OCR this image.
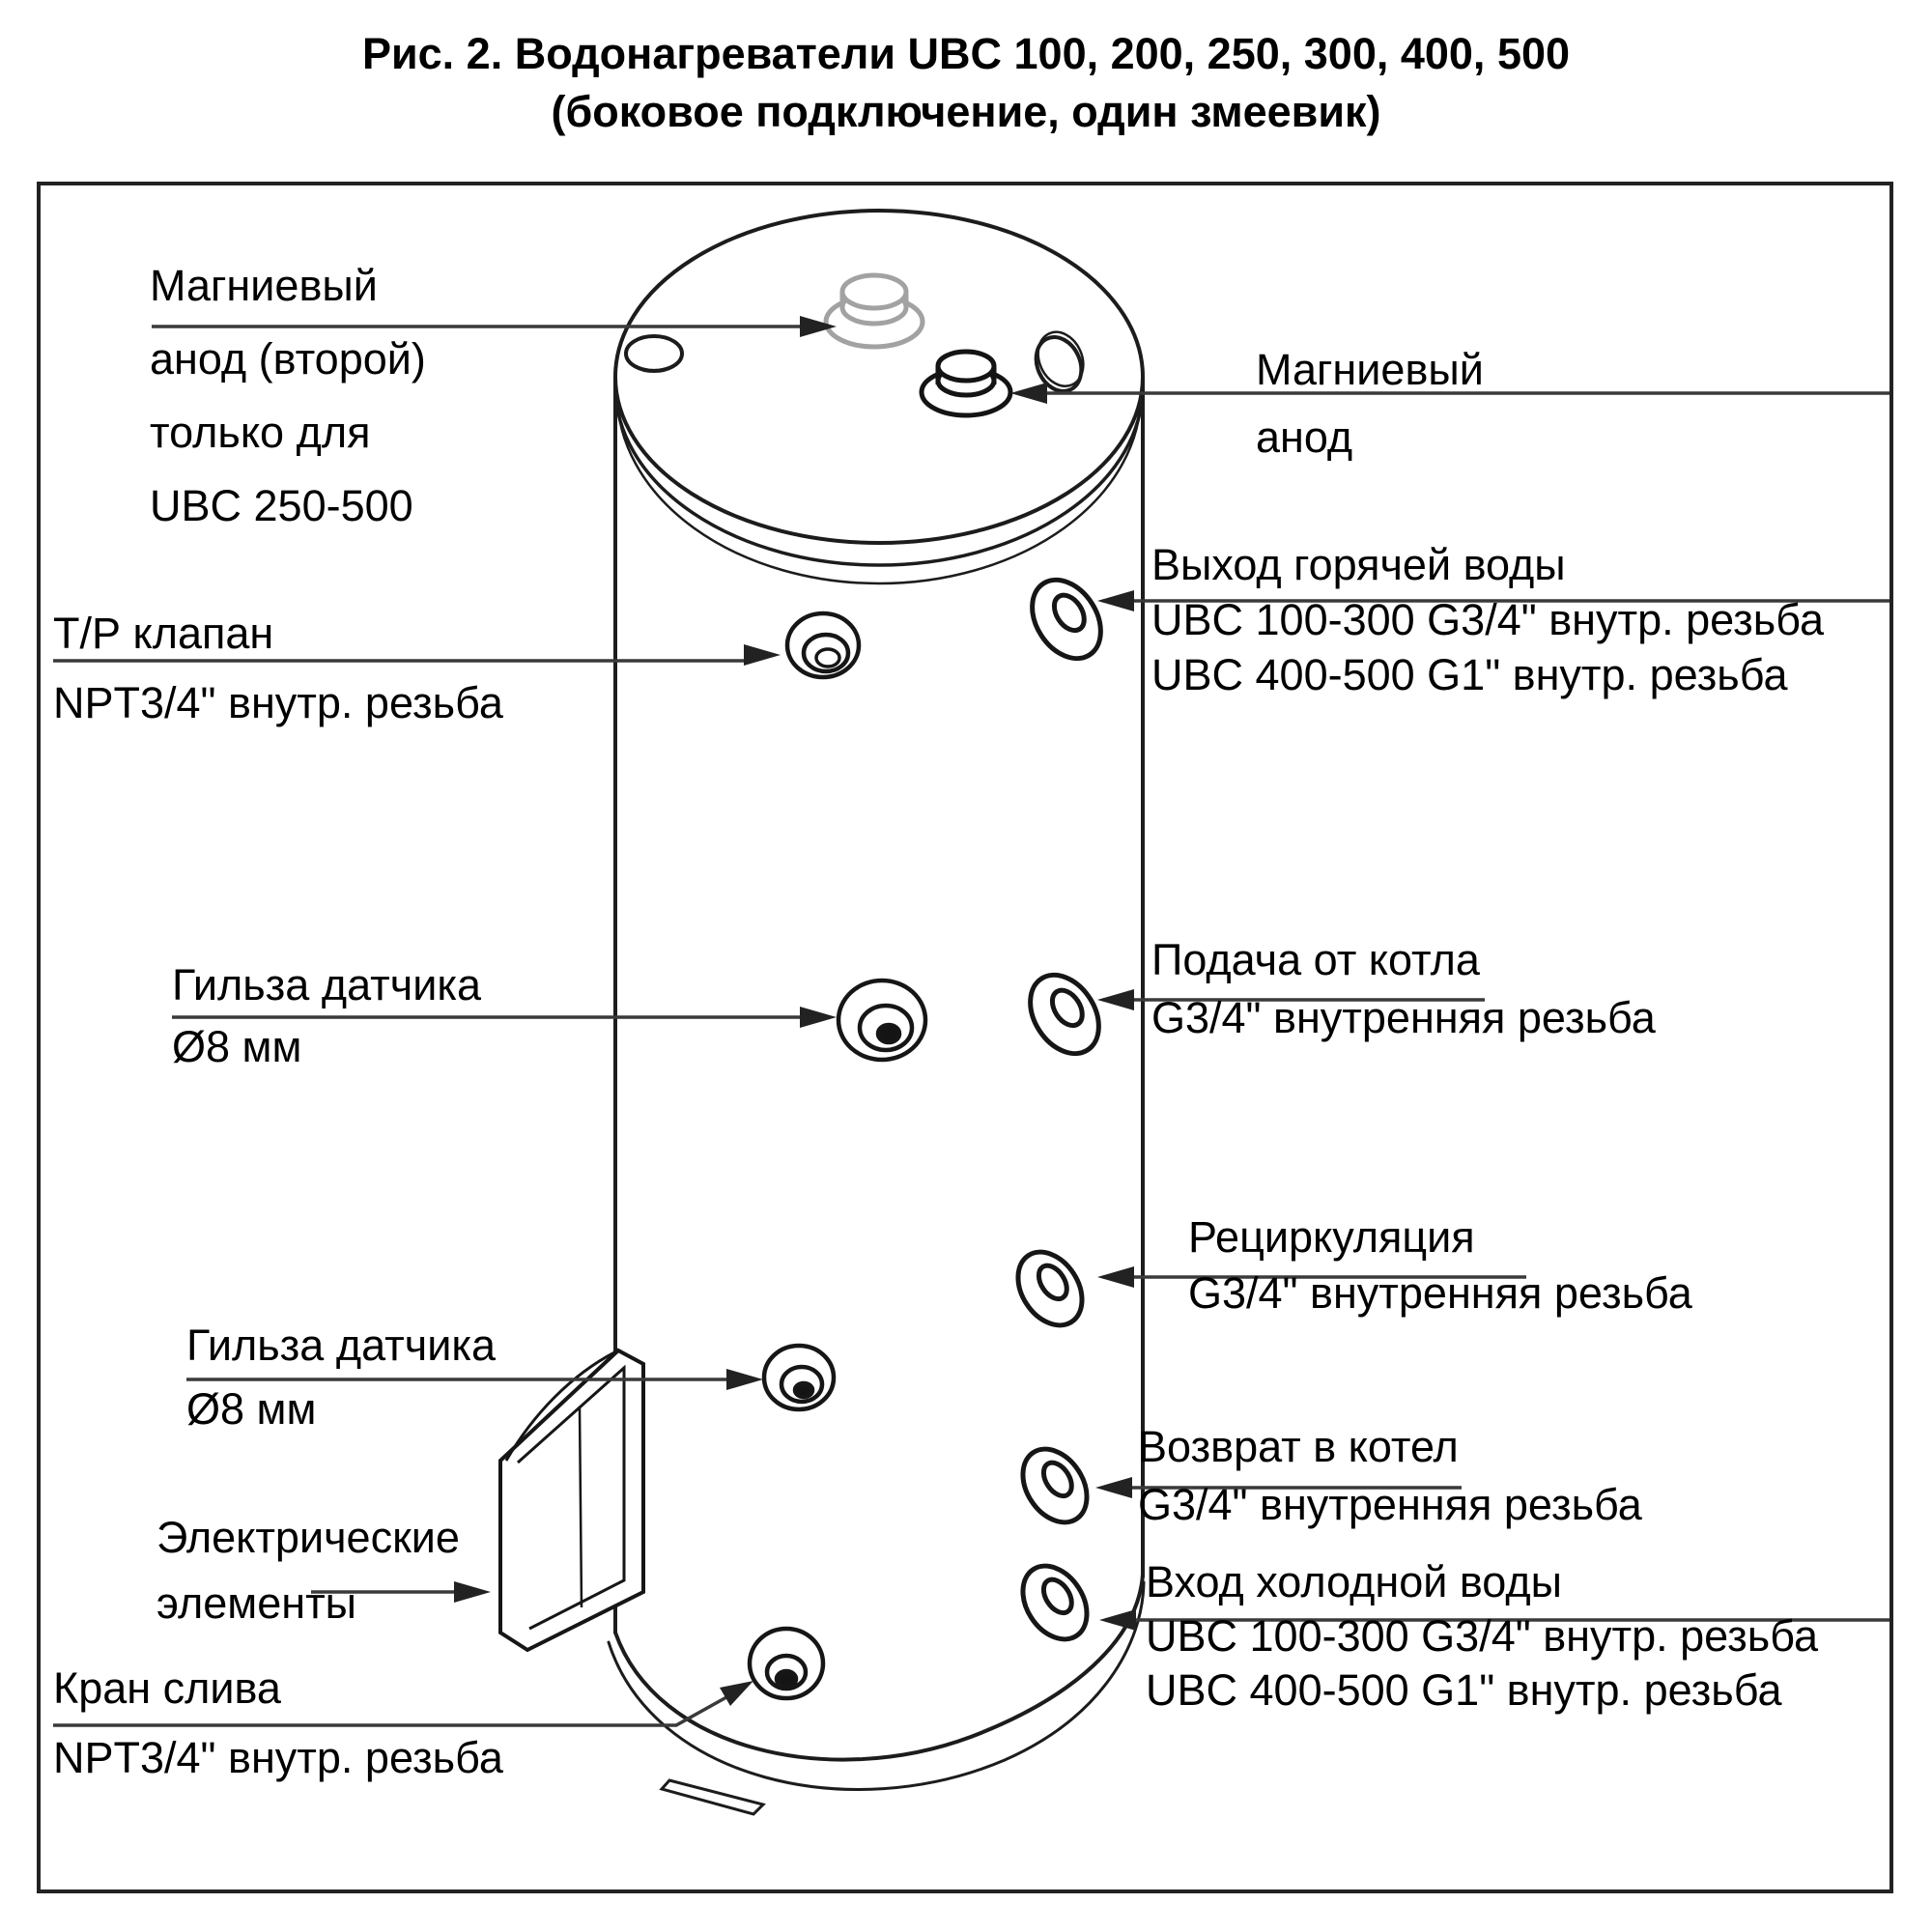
Рис. 2. Водонагреватели UBC 100, 200, 250, 300, 400, 500
(боковое подключение, один змеевик)
Магниевый
анод (второй)
только для
UBC 250-500
Т/Р клапан
NPT3/4" внутр. резьба
Гильза датчика
Ø8 мм
Гильза датчика
Ø8 мм
Электрические
элементы
Кран слива
NPT3/4" внутр. резьба
Магниевый
анод
Выход горячей воды
UBC 100-300 G3/4" внутр. резьба
UBC 400-500 G1" внутр. резьба
Подача от котла
G3/4" внутренняя резьба
Рециркуляция
G3/4" внутренняя резьба
Возврат в котел
G3/4" внутренняя резьба
Вход холодной воды
UBC 100-300 G3/4" внутр. резьба
UBC 400-500 G1" внутр. резьба
